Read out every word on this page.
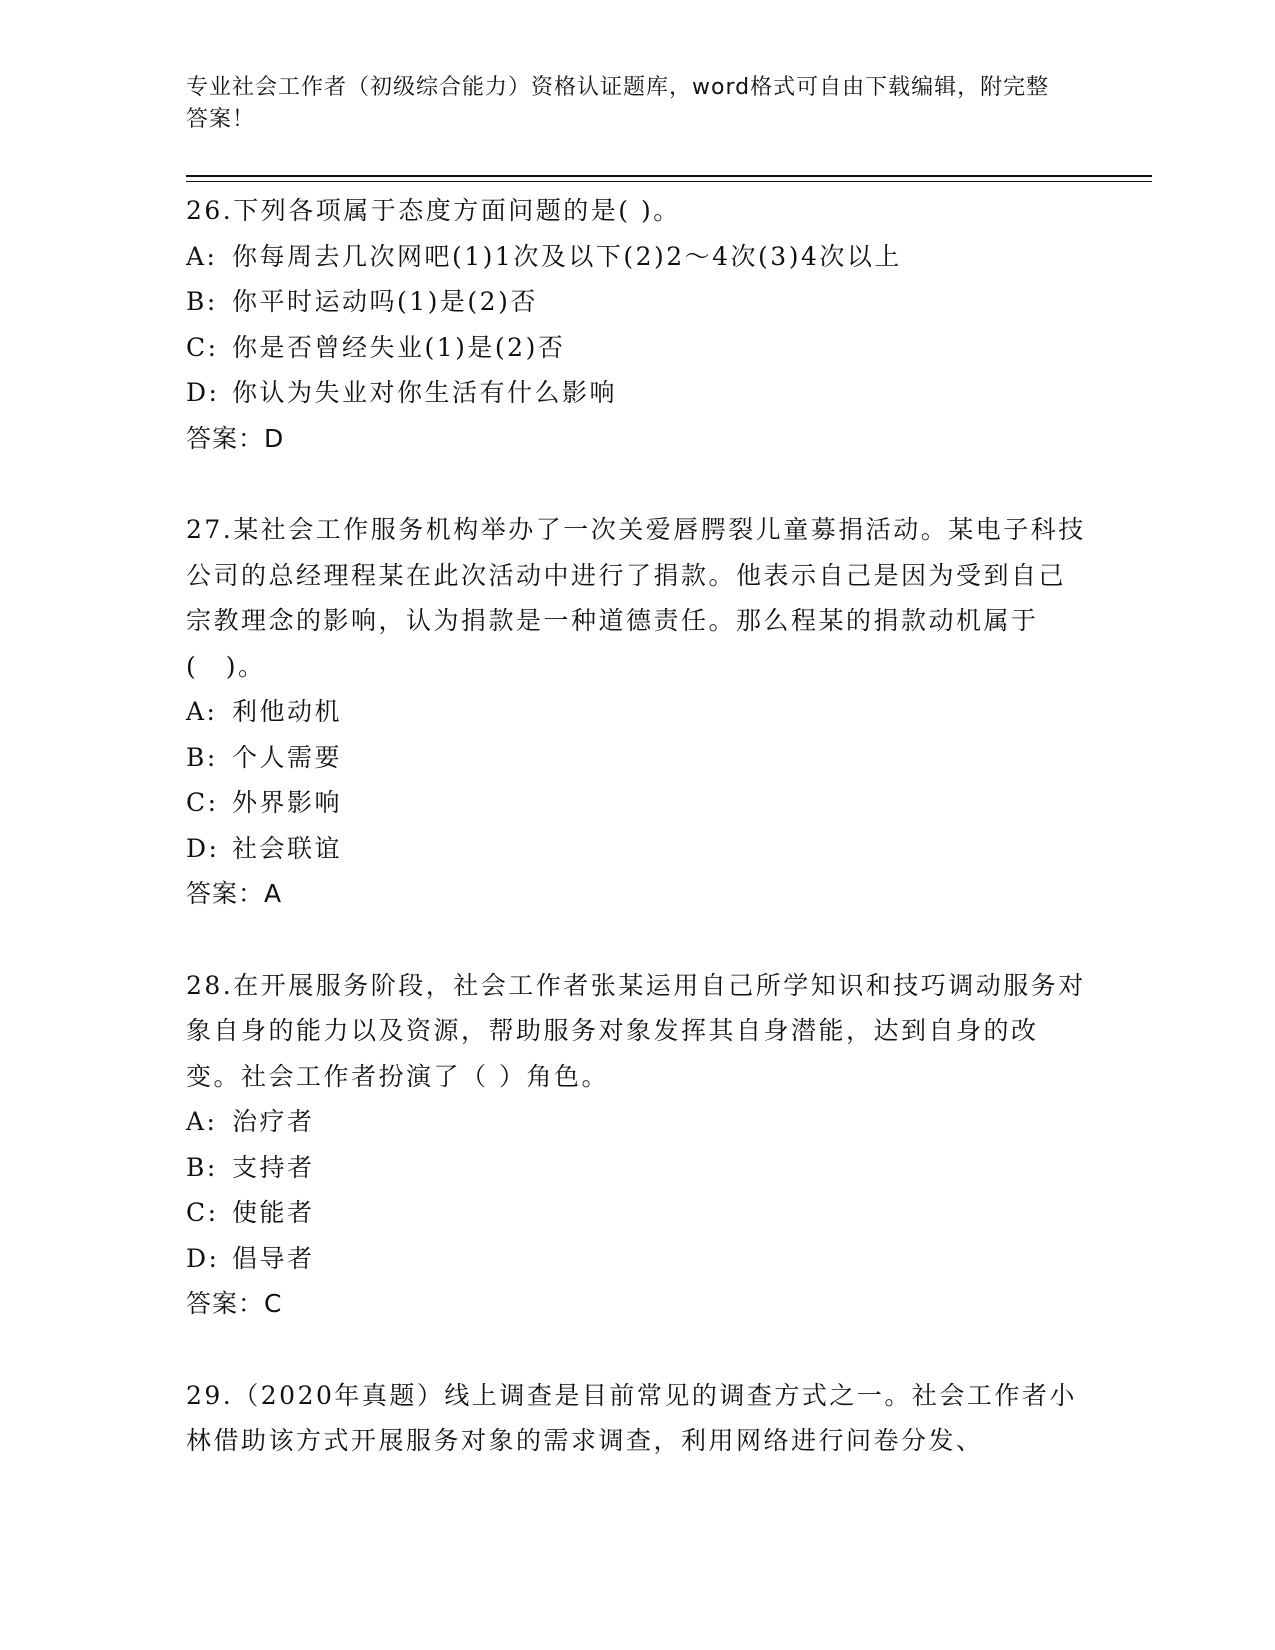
专业社会工作者（初级综合能力）资格认证题库，word格式可自由下载编辑，附完整答案！

26.下列各项属于态度方面问题的是( )。

A: 你每周去几次网吧(1)1次及以下(2)2～4次(3)4次以上

B: 你平时运动吗(1)是(2)否

C: 你是否曾经失业(1)是(2)否

D: 你认为失业对你生活有什么影响

答案：D

27.某社会工作服务机构举办了一次关爱唇腭裂儿童募捐活动。某电子科技公司的总经理程某在此次活动中进行了捐款。他表示自己是因为受到自己宗教理念的影响，认为捐款是一种道德责任。那么程某的捐款动机属于(　)。

A: 利他动机

B: 个人需要

C: 外界影响

D: 社会联谊

答案：A

28.在开展服务阶段，社会工作者张某运用自己所学知识和技巧调动服务对象自身的能力以及资源，帮助服务对象发挥其自身潜能，达到自身的改变。社会工作者扮演了（ ）角色。

A: 治疗者

B: 支持者

C: 使能者

D: 倡导者

答案：C

29.（2020年真题）线上调查是目前常见的调查方式之一。社会工作者小林借助该方式开展服务对象的需求调查，利用网络进行问卷分发、
